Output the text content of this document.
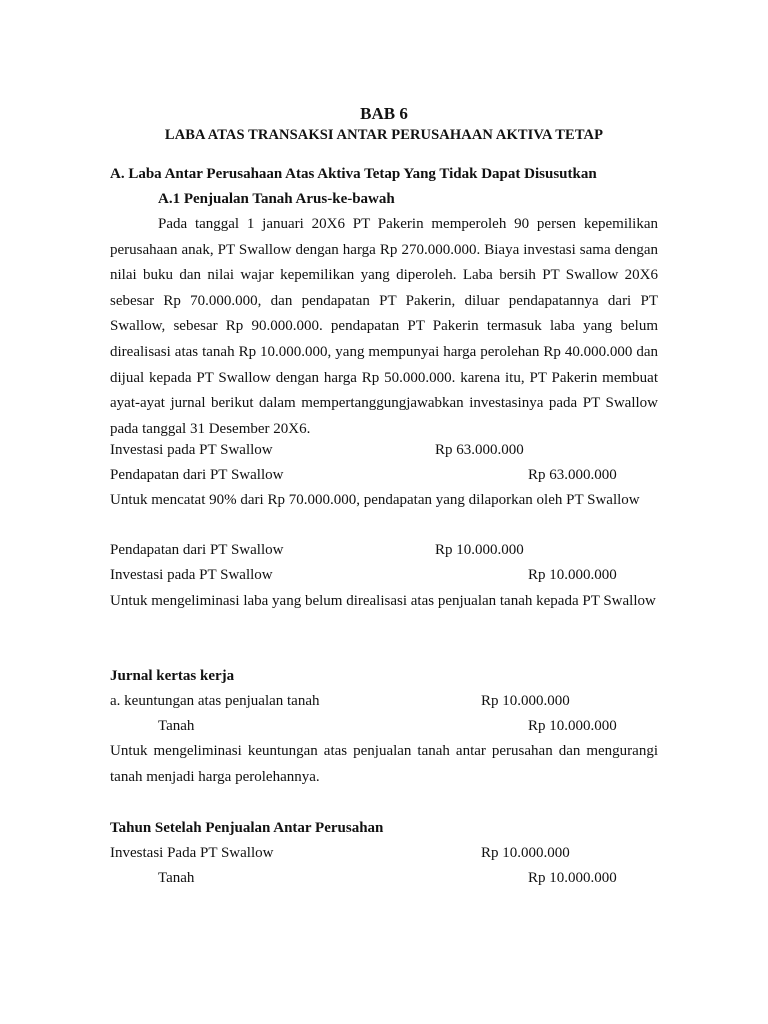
BAB 6
LABA ATAS TRANSAKSI ANTAR PERUSAHAAN AKTIVA TETAP
A. Laba Antar Perusahaan Atas Aktiva Tetap Yang Tidak Dapat Disusutkan
A.1 Penjualan Tanah Arus-ke-bawah
Pada tanggal 1 januari 20X6 PT Pakerin memperoleh 90 persen kepemilikan perusahaan anak, PT Swallow dengan harga Rp 270.000.000. Biaya investasi sama dengan nilai buku dan nilai wajar kepemilikan yang diperoleh. Laba bersih PT Swallow 20X6 sebesar Rp 70.000.000, dan pendapatan PT Pakerin, diluar pendapatannya dari PT Swallow, sebesar Rp 90.000.000. pendapatan PT Pakerin termasuk laba yang belum direalisasi atas tanah Rp 10.000.000, yang mempunyai harga perolehan Rp 40.000.000 dan dijual kepada PT Swallow dengan harga Rp 50.000.000. karena itu, PT Pakerin membuat ayat-ayat jurnal berikut dalam mempertanggungjawabkan investasinya pada PT Swallow pada tanggal 31 Desember 20X6.
Investasi pada PT Swallow	Rp 63.000.000
Pendapatan dari PT Swallow	Rp 63.000.000
Untuk mencatat 90% dari Rp 70.000.000, pendapatan yang dilaporkan oleh PT Swallow
Pendapatan dari PT Swallow	Rp 10.000.000
Investasi pada PT Swallow	Rp 10.000.000
Untuk mengeliminasi laba yang belum direalisasi atas penjualan tanah kepada PT Swallow
Jurnal kertas kerja
a. keuntungan atas penjualan tanah	Rp 10.000.000
Tanah	Rp 10.000.000
Untuk mengeliminasi keuntungan atas penjualan tanah antar perusahan dan mengurangi tanah menjadi harga perolehannya.
Tahun Setelah Penjualan Antar Perusahan
Investasi Pada PT Swallow	Rp 10.000.000
Tanah	Rp 10.000.000
